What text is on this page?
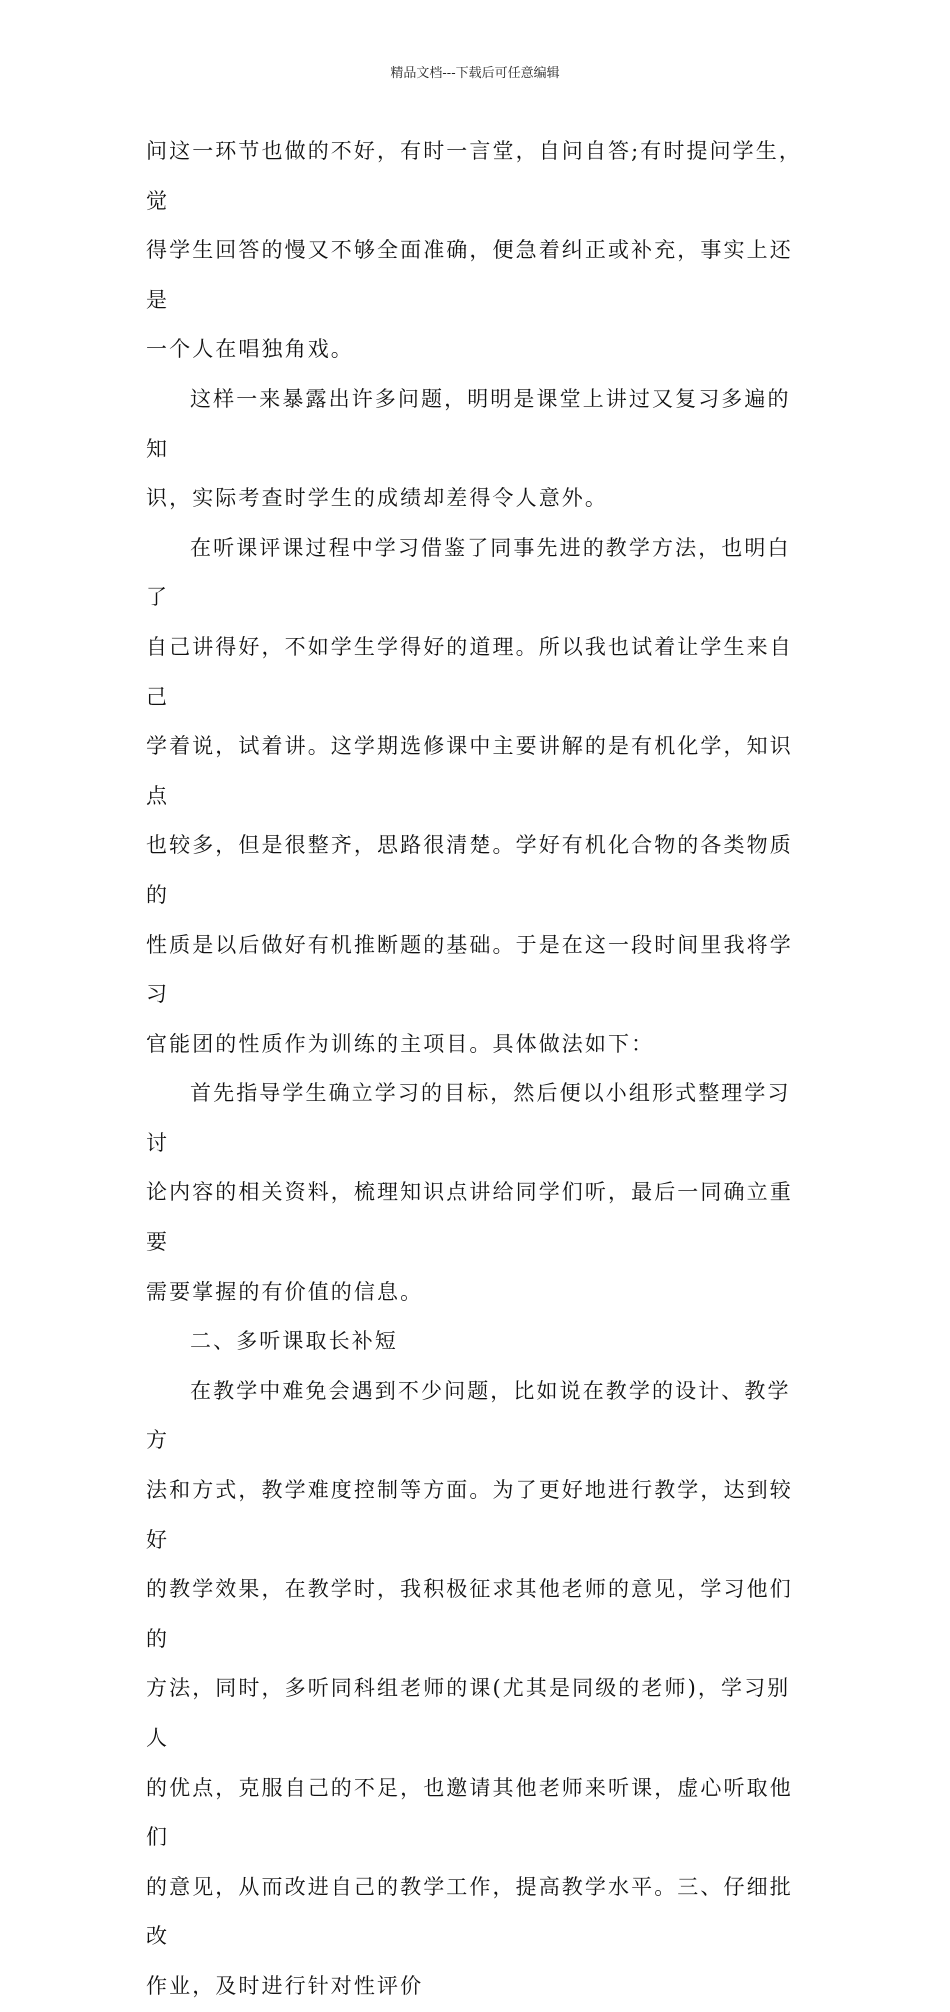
精品文档---下载后可任意编辑

问这一环节也做的不好，有时一言堂，自问自答;有时提问学生，觉
得学生回答的慢又不够全面准确，便急着纠正或补充，事实上还是
一个人在唱独角戏。

这样一来暴露出许多问题，明明是课堂上讲过又复习多遍的知
识，实际考查时学生的成绩却差得令人意外。

在听课评课过程中学习借鉴了同事先进的教学方法，也明白了
自己讲得好，不如学生学得好的道理。所以我也试着让学生来自己
学着说，试着讲。这学期选修课中主要讲解的是有机化学，知识点
也较多，但是很整齐，思路很清楚。学好有机化合物的各类物质的
性质是以后做好有机推断题的基础。于是在这一段时间里我将学习
官能团的性质作为训练的主项目。具体做法如下：

首先指导学生确立学习的目标，然后便以小组形式整理学习讨
论内容的相关资料，梳理知识点讲给同学们听，最后一同确立重要
需要掌握的有价值的信息。

二、多听课取长补短

在教学中难免会遇到不少问题，比如说在教学的设计、教学方
法和方式，教学难度控制等方面。为了更好地进行教学，达到较好
的教学效果，在教学时，我积极征求其他老师的意见，学习他们的
方法，同时，多听同科组老师的课(尤其是同级的老师)，学习别人
的优点，克服自己的不足，也邀请其他老师来听课，虚心听取他们
的意见，从而改进自己的教学工作，提高教学水平。三、仔细批改
作业，及时进行针对性评价
